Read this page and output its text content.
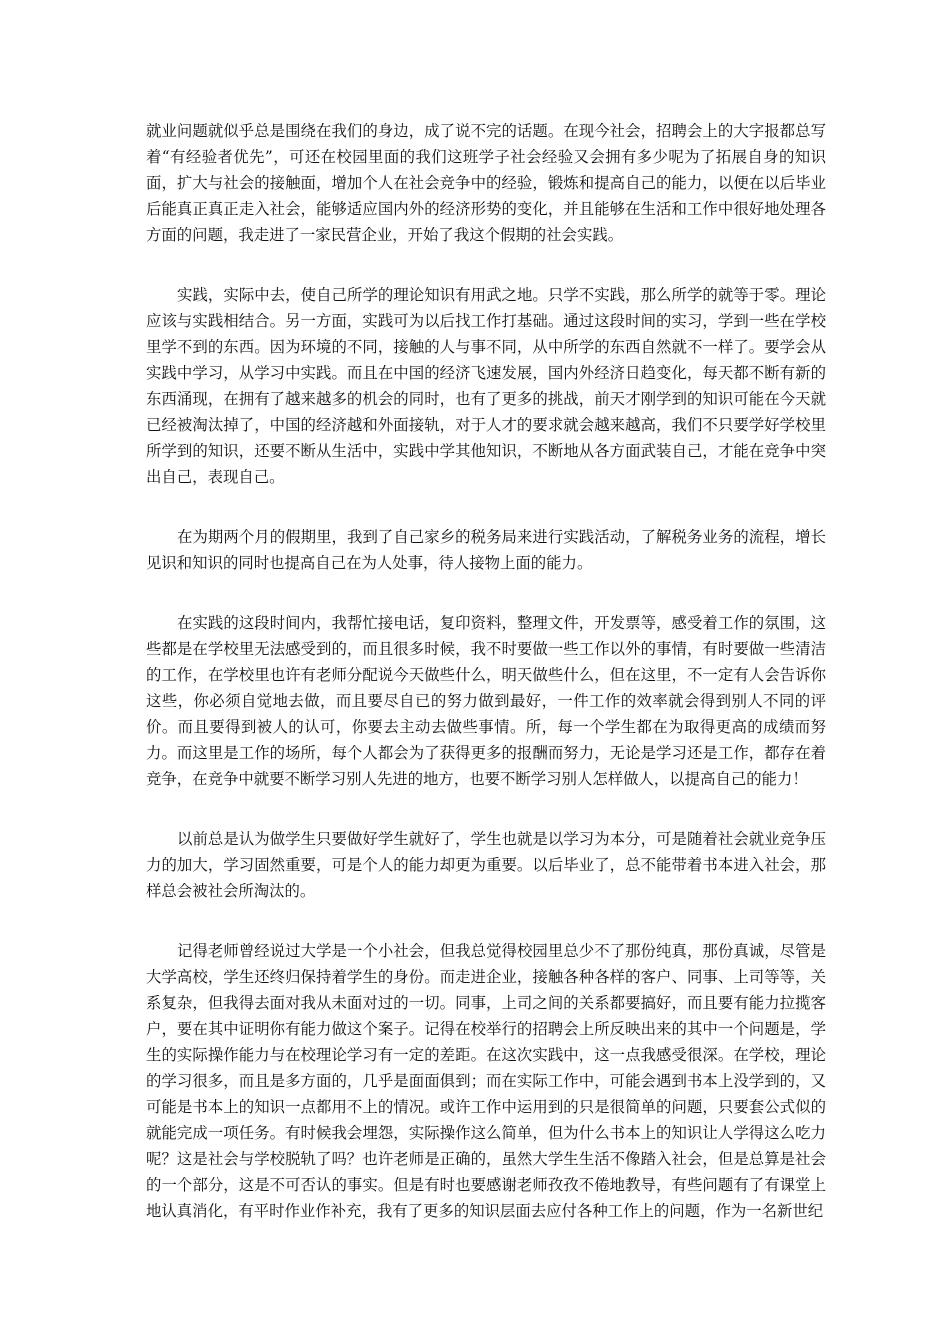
就业问题就似乎总是围绕在我们的身边，成了说不完的话题。在现今社会，招聘会上的大字报都总写着“有经验者优先”，可还在校园里面的我们这班学子社会经验又会拥有多少呢为了拓展自身的知识面，扩大与社会的接触面，增加个人在社会竞争中的经验，锻炼和提高自己的能力，以便在以后毕业后能真正真正走入社会，能够适应国内外的经济形势的变化，并且能够在生活和工作中很好地处理各方面的问题，我走进了一家民营企业，开始了我这个假期的社会实践。

实践，实际中去，使自己所学的理论知识有用武之地。只学不实践，那么所学的就等于零。理论应该与实践相结合。另一方面，实践可为以后找工作打基础。通过这段时间的实习，学到一些在学校里学不到的东西。因为环境的不同，接触的人与事不同，从中所学的东西自然就不一样了。要学会从实践中学习，从学习中实践。而且在中国的经济飞速发展，国内外经济日趋变化，每天都不断有新的东西涌现，在拥有了越来越多的机会的同时，也有了更多的挑战，前天才刚学到的知识可能在今天就已经被淘汰掉了，中国的经济越和外面接轨，对于人才的要求就会越来越高，我们不只要学好学校里所学到的知识，还要不断从生活中，实践中学其他知识，不断地从各方面武装自己，才能在竞争中突出自己，表现自己。

在为期两个月的假期里，我到了自己家乡的税务局来进行实践活动，了解税务业务的流程，增长见识和知识的同时也提高自己在为人处事，待人接物上面的能力。

在实践的这段时间内，我帮忙接电话，复印资料，整理文件，开发票等，感受着工作的氛围，这些都是在学校里无法感受到的，而且很多时候，我不时要做一些工作以外的事情，有时要做一些清洁的工作，在学校里也许有老师分配说今天做些什么，明天做些什么，但在这里，不一定有人会告诉你这些，你必须自觉地去做，而且要尽自已的努力做到最好，一件工作的效率就会得到别人不同的评价。而且要得到被人的认可，你要去主动去做些事情。所，每一个学生都在为取得更高的成绩而努力。而这里是工作的场所，每个人都会为了获得更多的报酬而努力，无论是学习还是工作，都存在着竞争，在竞争中就要不断学习别人先进的地方，也要不断学习别人怎样做人，以提高自己的能力！

以前总是认为做学生只要做好学生就好了，学生也就是以学习为本分，可是随着社会就业竞争压力的加大，学习固然重要，可是个人的能力却更为重要。以后毕业了，总不能带着书本进入社会，那样总会被社会所淘汰的。

记得老师曾经说过大学是一个小社会，但我总觉得校园里总少不了那份纯真，那份真诚，尽管是大学高校，学生还终归保持着学生的身份。而走进企业，接触各种各样的客户、同事、上司等等，关系复杂，但我得去面对我从未面对过的一切。同事，上司之间的关系都要搞好，而且要有能力拉揽客户，要在其中证明你有能力做这个案子。记得在校举行的招聘会上所反映出来的其中一个问题是，学生的实际操作能力与在校理论学习有一定的差距。在这次实践中，这一点我感受很深。在学校，理论的学习很多，而且是多方面的，几乎是面面俱到；而在实际工作中，可能会遇到书本上没学到的，又可能是书本上的知识一点都用不上的情况。或许工作中运用到的只是很简单的问题，只要套公式似的就能完成一项任务。有时候我会埋怨，实际操作这么简单，但为什么书本上的知识让人学得这么吃力呢？这是社会与学校脱轨了吗？也许老师是正确的，虽然大学生生活不像踏入社会，但是总算是社会的一个部分，这是不可否认的事实。但是有时也要感谢老师孜孜不倦地教导，有些问题有了有课堂上地认真消化，有平时作业作补充，我有了更多的知识层面去应付各种工作上的问题，作为一名新世纪
